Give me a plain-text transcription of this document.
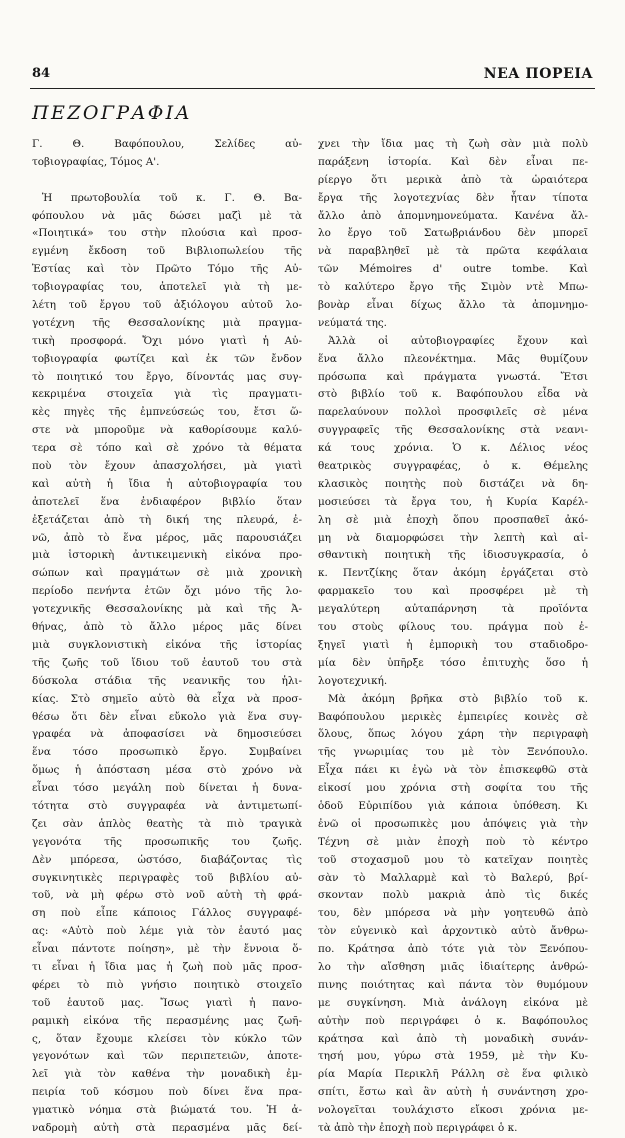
84	ΝΕΑ ΠΟΡΕΙΑ
ΠΕΖΟΓΡΑΦΙΑ
Γ. Θ. Βαφόπουλου, Σελίδες αὐ-
τοβιογραφίας, Τόμος Α'.
Ἡ πρωτοβουλία τοῦ κ. Γ. Θ. Βα-
φόπουλου νὰ μᾶς δώσει μαζὶ μὲ τὰ
«Ποιητικά» του στὴν πλούσια καὶ προσ-
εγμένη ἔκδοση τοῦ Βιβλιοπωλείου τῆς
Ἑστίας καὶ τὸν Πρῶτο Τόμο τῆς Αὐ-
τοβιογραφίας του, ἀποτελεῖ γιὰ τὴ με-
λέτη τοῦ ἔργου τοῦ ἀξιόλογου αὐτοῦ λο-
γοτέχνη τῆς Θεσσαλονίκης μιὰ πραγμα-
τικὴ προσφορά. Ὄχι μόνο γιατὶ ἡ Αὐ-
τοβιογραφία φωτίζει καὶ ἐκ τῶν ἔνδον
τὸ ποιητικό του ἔργο, δίνοντάς μας συγ-
κεκριμένα στοιχεῖα γιὰ τὶς πραγματι-
κὲς πηγὲς τῆς ἐμπνεύσεώς του, ἔτσι ὥ-
στε νὰ μποροῦμε νὰ καθορίσουμε καλύ-
τερα σὲ τόπο καὶ σὲ χρόνο τὰ θέματα
ποὺ τὸν ἔχουν ἀπασχολήσει, μὰ γιατὶ
καὶ αὐτὴ ἡ ἴδια ἡ αὐτοβιογραφία του
ἀποτελεῖ ἕνα ἐνδιαφέρον βιβλίο ὅταν
ἐξετάζεται ἀπὸ τὴ δική της πλευρά, ἐ-
νῶ, ἀπὸ τὸ ἕνα μέρος, μᾶς παρουσιάζει
μιὰ ἱστορικὴ ἀντικειμενικὴ εἰκόνα προ-
σώπων καὶ πραγμάτων σὲ μιὰ χρονικὴ
περίοδο πενήντα ἐτῶν ὄχι μόνο τῆς λο-
γοτεχνικῆς Θεσσαλονίκης μὰ καὶ τῆς Ἀ-
θήνας, ἀπὸ τὸ ἄλλο μέρος μᾶς δίνει
μιὰ συγκλονιστικὴ εἰκόνα τῆς ἱστορίας
τῆς ζωῆς τοῦ ἴδιου τοῦ ἑαυτοῦ του στὰ
δύσκολα στάδια τῆς νεανικῆς του ἡλι-
κίας. Στὸ σημεῖο αὐτὸ θὰ εἶχα νὰ προσ-
θέσω ὅτι δὲν εἶναι εὔκολο γιὰ ἕνα συγ-
γραφέα νὰ ἀποφασίσει νὰ δημοσιεύσει
ἕνα τόσο προσωπικὸ ἔργο. Συμβαίνει
ὅμως ἡ ἀπόσταση μέσα στὸ χρόνο νὰ
εἶναι τόσο μεγάλη ποὺ δίνεται ἡ δυνα-
τότητα στὸ συγγραφέα νὰ ἀντιμετωπί-
ζει σὰν ἁπλὸς θεατὴς τὰ πιὸ τραγικὰ
γεγονότα τῆς προσωπικῆς του ζωῆς.
Δὲν μπόρεσα, ὡστόσο, διαβάζοντας τὶς
συγκινητικὲς περιγραφὲς τοῦ βιβλίου αὐ-
τοῦ, νὰ μὴ φέρω στὸ νοῦ αὐτὴ τὴ φρά-
ση ποὺ εἶπε κάποιος Γάλλος συγγραφέ-
ας: «Αὐτὸ ποὺ λέμε γιὰ τὸν ἑαυτό μας
εἶναι πάντοτε ποίηση», μὲ τὴν ἔννοια ὅ-
τι εἶναι ἡ ἴδια μας ἡ ζωὴ ποὺ μᾶς προσ-
φέρει τὸ πιὸ γνήσιο ποιητικὸ στοιχεῖο
τοῦ ἑαυτοῦ μας. Ἴσως γιατὶ ἡ πανο-
ραμικὴ εἰκόνα τῆς περασμένης μας ζωῆ-
ς, ὅταν ἔχουμε κλείσει τὸν κύκλο τῶν
γεγονότων καὶ τῶν περιπετειῶν, ἀποτε-
λεῖ γιὰ τὸν καθένα τὴν μοναδικὴ ἐμ-
πειρία τοῦ κόσμου ποὺ δίνει ἕνα πρα-
γματικὸ νόημα στὰ βιώματά του. Ἡ ἀ-
ναδρομὴ αὐτὴ στὰ περασμένα μᾶς δεί-
χνει τὴν ἴδια μας τὴ ζωὴ σὰν μιὰ πολὺ
παράξενη ἱστορία. Καὶ δὲν εἶναι πε-
ρίεργο ὅτι μερικὰ ἀπὸ τὰ ὡραιότερα
ἔργα τῆς λογοτεχνίας δὲν ἦταν τίποτα
ἄλλο ἀπὸ ἀπομνημονεύματα. Κανένα ἄλ-
λο ἔργο τοῦ Σατωβριάνδου δὲν μπορεῖ
νὰ παραβληθεῖ μὲ τὰ πρῶτα κεφάλαια
τῶν Mémoires d' outre tombe. Καὶ
τὸ καλύτερο ἔργο τῆς Σιμὸν ντὲ Μπω-
βονὰρ εἶναι δίχως ἄλλο τὰ ἀπομνημο-
νεύματά της.
Ἀλλὰ οἱ αὐτοβιογραφίες ἔχουν καὶ
ἕνα ἄλλο πλεονέκτημα. Μᾶς θυμίζουν
πρόσωπα καὶ πράγματα γνωστά. Ἔτσι
στὸ βιβλίο τοῦ κ. Βαφόπουλου εἶδα νὰ
παρελαύνουν πολλοὶ προσφιλεῖς σὲ μένα
συγγραφεῖς τῆς Θεσσαλονίκης στὰ νεανι-
κά τους χρόνια. Ὁ κ. Δέλιος νέος
θεατρικὸς συγγραφέας, ὁ κ. Θέμελης
κλασικὸς ποιητὴς ποὺ διστάζει νὰ δη-
μοσιεύσει τὰ ἔργα του, ἡ Κυρία Καρέλ-
λη σὲ μιὰ ἐποχὴ ὅπου προσπαθεῖ ἀκό-
μη νὰ διαμορφώσει τὴν λεπτὴ καὶ αἰ-
σθαντικὴ ποιητικὴ τῆς ἰδιοσυγκρασία, ὁ
κ. Πεντζίκης ὅταν ἀκόμη ἐργάζεται στὸ
φαρμακεῖο του καὶ προσφέρει μὲ τὴ
μεγαλύτερη αὐταπάρνηση τὰ προϊόντα
του στοὺς φίλους του. πράγμα ποὺ ἐ-
ξηγεῖ γιατὶ ἡ ἐμπορικὴ του σταδιοδρο-
μία δὲν ὑπῆρξε τόσο ἐπιτυχὴς ὅσο ἡ
λογοτεχνική.
Μὰ ἀκόμη βρῆκα στὸ βιβλίο τοῦ κ.
Βαφόπουλου μερικὲς ἐμπειρίες κοινὲς σὲ
ὅλους, ὅπως λόγου χάρη τὴν περιγραφὴ
τῆς γνωριμίας του μὲ τὸν Ξενόπουλο.
Εἶχα πάει κι ἐγὼ νὰ τὸν ἐπισκεφθῶ στὰ
εἰκοσί μου χρόνια στὴ σοφίτα του τῆς
ὁδοῦ Εὐριπίδου γιὰ κάποια ὑπόθεση. Κι
ἐνῶ οἱ προσωπικὲς μου ἀπόψεις γιὰ τὴν
Τέχνη σὲ μιὰν ἐποχὴ ποὺ τὸ κέντρο
τοῦ στοχασμοῦ μου τὸ κατεῖχαν ποιητὲς
σὰν τὸ Μαλλαρμὲ καὶ τὸ Βαλερύ, βρί-
σκονταν πολὺ μακριὰ ἀπὸ τὶς δικές
του, δὲν μπόρεσα νὰ μὴν γοητευθῶ ἀπὸ
τὸν εὐγενικὸ καὶ ἀρχοντικὸ αὐτὸ ἄνθρω-
πο. Κράτησα ἀπὸ τότε γιὰ τὸν Ξενόπου-
λο τὴν αἴσθηση μιᾶς ἰδιαίτερης ἀνθρώ-
πινης ποιότητας καὶ πάντα τὸν θυμόμουν
με συγκίνηση. Μιὰ ἀνάλογη εἰκόνα μὲ
αὐτὴν ποὺ περιγράφει ὁ κ. Βαφόπουλος
κράτησα καὶ ἀπὸ τὴ μοναδικὴ συνάν-
τησή μου, γύρω στὰ 1959, μὲ τὴν Κυ-
ρία Μαρία Περικλῆ Ράλλη σὲ ἕνα φιλικὸ
σπίτι, ἔστω καὶ ἂν αὐτὴ ἡ συνάντηση χρο-
νολογεῖται τουλάχιστο εἴκοσι χρόνια με-
τὰ ἀπὸ τὴν ἐποχὴ ποὺ περιγράφει ὁ κ.
